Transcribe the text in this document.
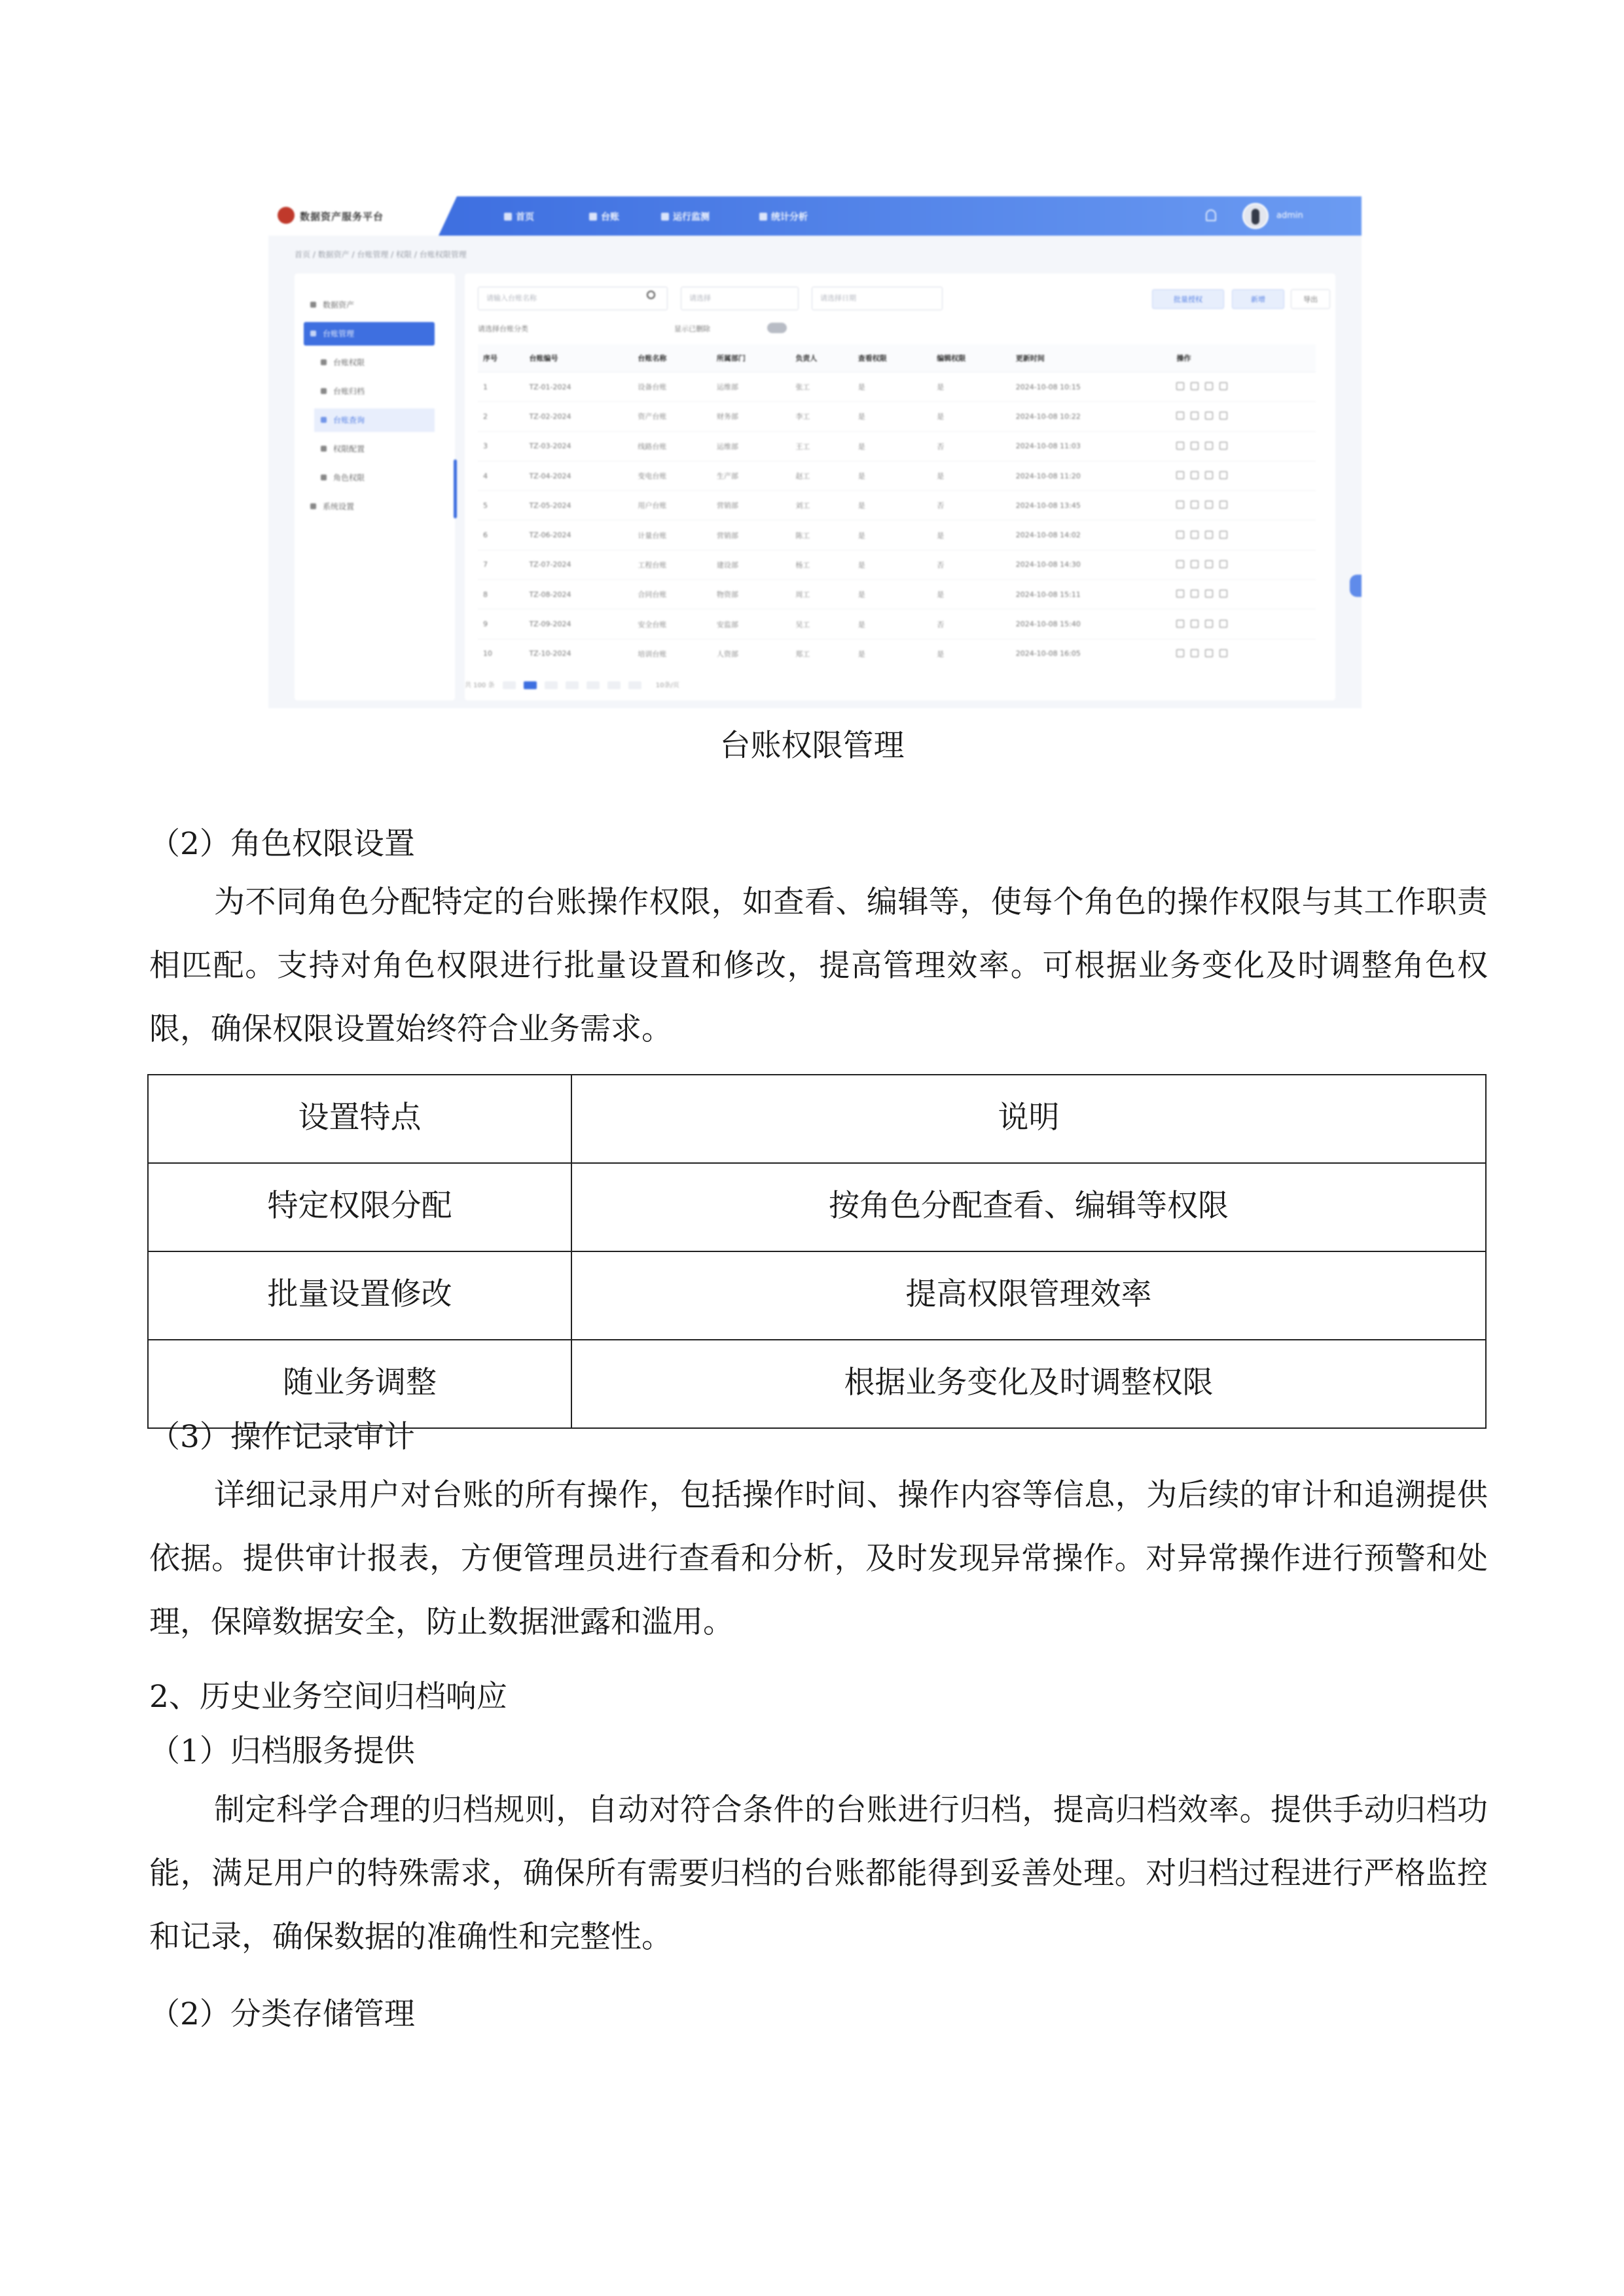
数据资产服务平台	首页	台账	运行监测	统计分析	admin
首页 / 数据资产 / 台账管理 / 权限 / 台账权限管理
数据资产
台账管理
台账权限
台账归档
台账查询
权限配置
角色权限
系统设置
请输入台账名称	请选择	请选择日期	批量授权	新增	导出
请选择台账分类	显示已删除
序号	台账编号	台账名称	所属部门	负责人	查看权限	编辑权限	更新时间	操作
1	TZ-01-2024	设备台账	运维部	张工	是	是	2024-10-08 10:15	
2	TZ-02-2024	资产台账	财务部	李工	是	是	2024-10-08 10:22	
3	TZ-03-2024	线路台账	运维部	王工	是	否	2024-10-08 11:03	
4	TZ-04-2024	变电台账	生产部	赵工	是	是	2024-10-08 11:20	
5	TZ-05-2024	用户台账	营销部	刘工	是	否	2024-10-08 13:45	
6	TZ-06-2024	计量台账	营销部	陈工	是	是	2024-10-08 14:02	
7	TZ-07-2024	工程台账	建设部	杨工	是	否	2024-10-08 14:30	
8	TZ-08-2024	合同台账	物资部	周工	是	是	2024-10-08 15:11	
9	TZ-09-2024	安全台账	安监部	吴工	是	否	2024-10-08 15:40	
10	TZ-10-2024	培训台账	人资部	郑工	是	是	2024-10-08 16:05	
共 100 条	10条/页
台账权限管理
（2）角色权限设置

为不同角色分配特定的台账操作权限，如查看、编辑等，使每个角色的操作权限与其工作职责相匹配。支持对角色权限进行批量设置和修改，提高管理效率。可根据业务变化及时调整角色权限，确保权限设置始终符合业务需求。

设置特点	说明
特定权限分配	按角色分配查看、编辑等权限
批量设置修改	提高权限管理效率
随业务调整	根据业务变化及时调整权限
（3）操作记录审计

详细记录用户对台账的所有操作，包括操作时间、操作内容等信息，为后续的审计和追溯提供依据。提供审计报表，方便管理员进行查看和分析，及时发现异常操作。对异常操作进行预警和处理，保障数据安全，防止数据泄露和滥用。

2、历史业务空间归档响应
（1）归档服务提供

制定科学合理的归档规则，自动对符合条件的台账进行归档，提高归档效率。提供手动归档功能，满足用户的特殊需求，确保所有需要归档的台账都能得到妥善处理。对归档过程进行严格监控和记录，确保数据的准确性和完整性。

（2）分类存储管理
